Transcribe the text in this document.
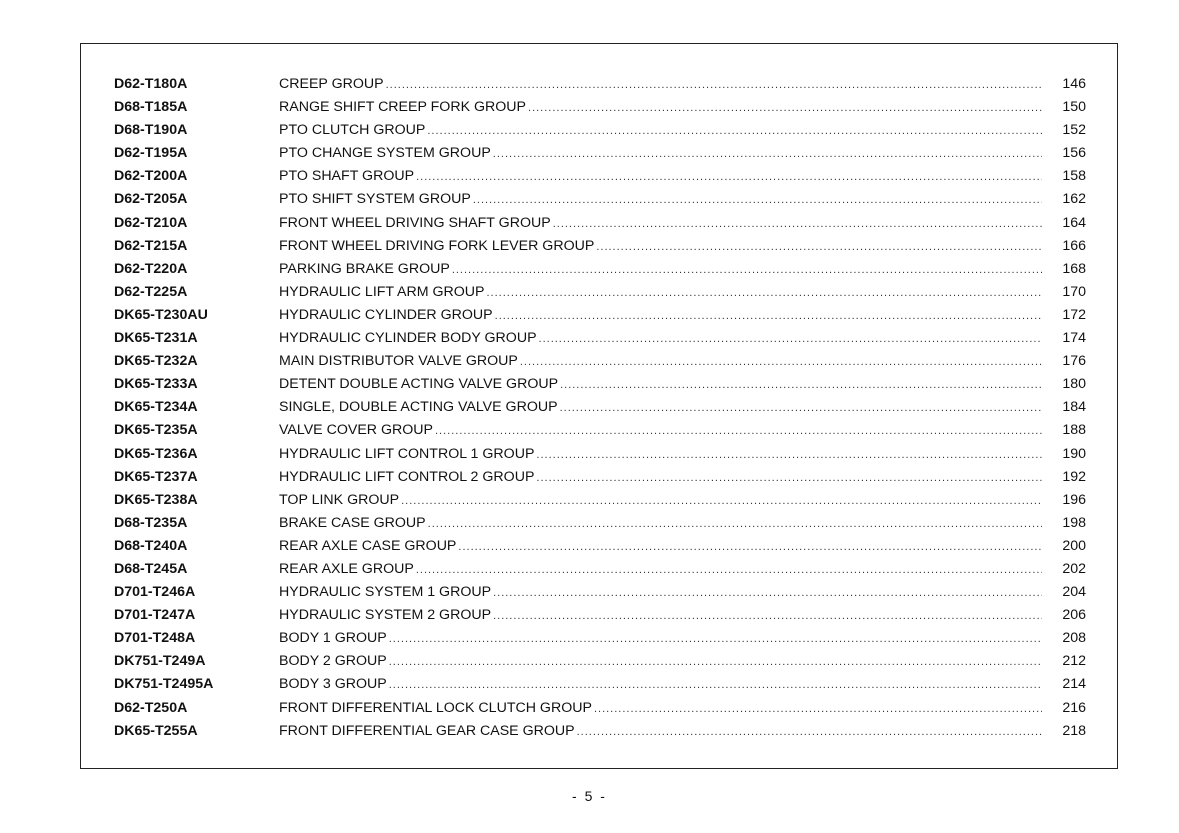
D62-T180A	CREEP GROUP .....	146
D68-T185A	RANGE SHIFT CREEP FORK GROUP .....	150
D68-T190A	PTO CLUTCH GROUP .....	152
D62-T195A	PTO CHANGE SYSTEM GROUP .....	156
D62-T200A	PTO SHAFT GROUP .....	158
D62-T205A	PTO SHIFT SYSTEM GROUP .....	162
D62-T210A	FRONT WHEEL DRIVING SHAFT GROUP .....	164
D62-T215A	FRONT WHEEL DRIVING FORK LEVER GROUP .....	166
D62-T220A	PARKING BRAKE GROUP .....	168
D62-T225A	HYDRAULIC LIFT ARM GROUP .....	170
DK65-T230AU	HYDRAULIC CYLINDER GROUP .....	172
DK65-T231A	HYDRAULIC CYLINDER BODY GROUP .....	174
DK65-T232A	MAIN DISTRIBUTOR VALVE GROUP .....	176
DK65-T233A	DETENT DOUBLE ACTING VALVE GROUP .....	180
DK65-T234A	SINGLE, DOUBLE ACTING VALVE GROUP .....	184
DK65-T235A	VALVE COVER GROUP .....	188
DK65-T236A	HYDRAULIC LIFT CONTROL 1 GROUP .....	190
DK65-T237A	HYDRAULIC LIFT CONTROL 2 GROUP .....	192
DK65-T238A	TOP LINK GROUP .....	196
D68-T235A	BRAKE CASE GROUP .....	198
D68-T240A	REAR AXLE CASE GROUP .....	200
D68-T245A	REAR AXLE GROUP .....	202
D701-T246A	HYDRAULIC SYSTEM 1 GROUP .....	204
D701-T247A	HYDRAULIC SYSTEM 2 GROUP .....	206
D701-T248A	BODY 1 GROUP .....	208
DK751-T249A	BODY 2 GROUP .....	212
DK751-T2495A	BODY 3 GROUP .....	214
D62-T250A	FRONT DIFFERENTIAL LOCK CLUTCH GROUP .....	216
DK65-T255A	FRONT DIFFERENTIAL GEAR CASE GROUP .....	218
- 5 -
